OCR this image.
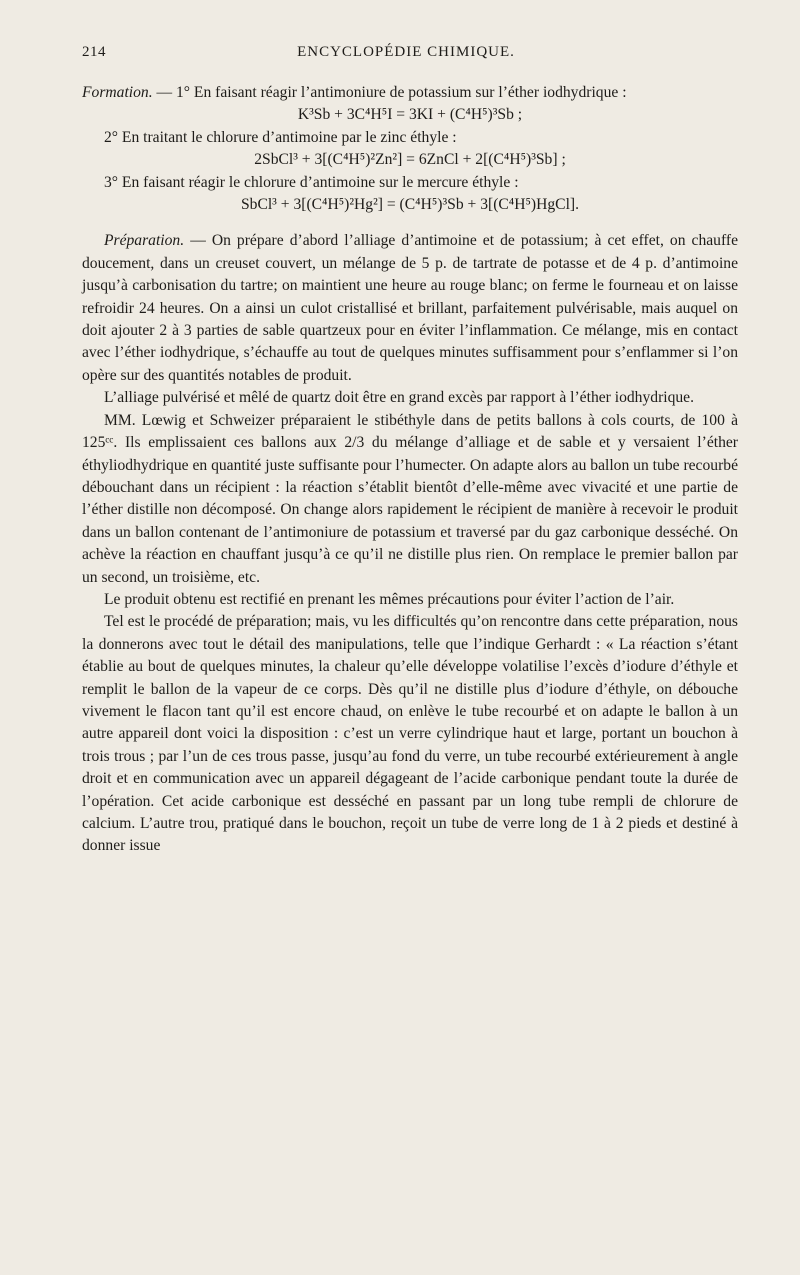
214	ENCYCLOPÉDIE CHIMIQUE.

Formation. — 1° En faisant réagir l’antimoniure de potassium sur l’éther iodhydrique :

K³Sb + 3C⁴H⁵I = 3KI + (C⁴H⁵)³Sb ;

2° En traitant le chlorure d’antimoine par le zinc éthyle :

2SbCl³ + 3[(C⁴H⁵)²Zn²] = 6ZnCl + 2[(C⁴H⁵)³Sb] ;

3° En faisant réagir le chlorure d’antimoine sur le mercure éthyle :

SbCl³ + 3[(C⁴H⁵)²Hg²] = (C⁴H⁵)³Sb + 3[(C⁴H⁵)HgCl].

Préparation. — On prépare d’abord l’alliage d’antimoine et de potassium; à cet effet, on chauffe doucement, dans un creuset couvert, un mélange de 5 p. de tartrate de potasse et de 4 p. d’antimoine jusqu’à carbonisation du tartre; on maintient une heure au rouge blanc; on ferme le fourneau et on laisse refroidir 24 heures. On a ainsi un culot cristallisé et brillant, parfaitement pulvérisable, mais auquel on doit ajouter 2 à 3 parties de sable quartzeux pour en éviter l’inflammation. Ce mélange, mis en contact avec l’éther iodhydrique, s’échauffe au tout de quelques minutes suffisamment pour s’enflammer si l’on opère sur des quantités notables de produit.

L’alliage pulvérisé et mêlé de quartz doit être en grand excès par rapport à l’éther iodhydrique.

MM. Lœwig et Schweizer préparaient le stibéthyle dans de petits ballons à cols courts, de 100 à 125ᶜᶜ. Ils emplissaient ces ballons aux 2/3 du mélange d’alliage et de sable et y versaient l’éther éthyliodhydrique en quantité juste suffisante pour l’humecter. On adapte alors au ballon un tube recourbé débouchant dans un récipient : la réaction s’établit bientôt d’elle-même avec vivacité et une partie de l’éther distille non décomposé. On change alors rapidement le récipient de manière à recevoir le produit dans un ballon contenant de l’antimoniure de potassium et traversé par du gaz carbonique desséché. On achève la réaction en chauffant jusqu’à ce qu’il ne distille plus rien. On remplace le premier ballon par un second, un troisième, etc.

Le produit obtenu est rectifié en prenant les mêmes précautions pour éviter l’action de l’air.

Tel est le procédé de préparation; mais, vu les difficultés qu’on rencontre dans cette préparation, nous la donnerons avec tout le détail des manipulations, telle que l’indique Gerhardt : « La réaction s’étant établie au bout de quelques minutes, la chaleur qu’elle développe volatilise l’excès d’iodure d’éthyle et remplit le ballon de la vapeur de ce corps. Dès qu’il ne distille plus d’iodure d’éthyle, on débouche vivement le flacon tant qu’il est encore chaud, on enlève le tube recourbé et on adapte le ballon à un autre appareil dont voici la disposition : c’est un verre cylindrique haut et large, portant un bouchon à trois trous ; par l’un de ces trous passe, jusqu’au fond du verre, un tube recourbé extérieurement à angle droit et en communication avec un appareil dégageant de l’acide carbonique pendant toute la durée de l’opération. Cet acide carbonique est desséché en passant par un long tube rempli de chlorure de calcium. L’autre trou, pratiqué dans le bouchon, reçoit un tube de verre long de 1 à 2 pieds et destiné à donner issue
